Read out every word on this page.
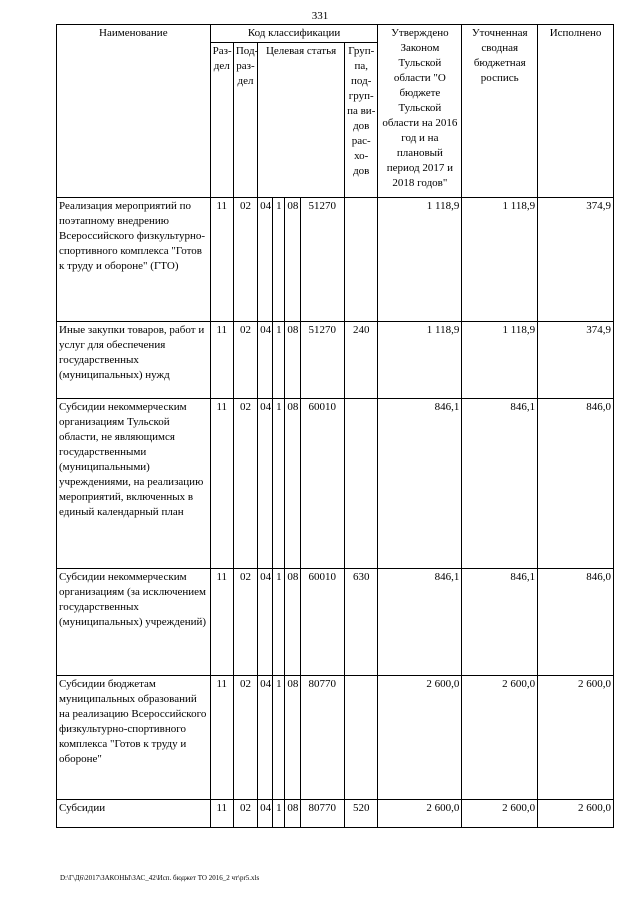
331
Наименование	Код классификации							Утверждено Законом Тульской области "О бюджете Тульской области на 2016 год и на плановый период 2017 и 2018 годов"	Уточненная сводная бюджетная роспись	Исполнено
	Раз-дел	Под-раз-дел	Целевая статья				Груп-па, под-груп-па ви-дов рас-хо-дов			
Реализация мероприятий по поэтапному внедрению Всероссийского физкультурно-спортивного комплекса "Готов к труду и обороне" (ГТО)	11	02	04	1	08	51270		1 118,9	1 118,9	374,9
Иные закупки товаров, работ и услуг для обеспечения государственных (муниципальных) нужд	11	02	04	1	08	51270	240	1 118,9	1 118,9	374,9
Субсидии некоммерческим организациям Тульской области, не являющимся государственными (муниципальными) учреждениями, на реализацию мероприятий, включенных в единый календарный план	11	02	04	1	08	60010		846,1	846,1	846,0
Субсидии некоммерческим организациям (за исключением государственных (муниципальных) учреждений)	11	02	04	1	08	60010	630	846,1	846,1	846,0
Субсидии бюджетам муниципальных образований на реализацию Всероссийского физкультурно-спортивного комплекса "Готов к труду и обороне"	11	02	04	1	08	80770		2 600,0	2 600,0	2 600,0
Субсидии	11	02	04	1	08	80770	520	2 600,0	2 600,0	2 600,0
D:\Г\Д6\2017\ЗАКОНЫ\ЗАС_42\Исп. бюджет ТО 2016_2 чт\pr5.xls
